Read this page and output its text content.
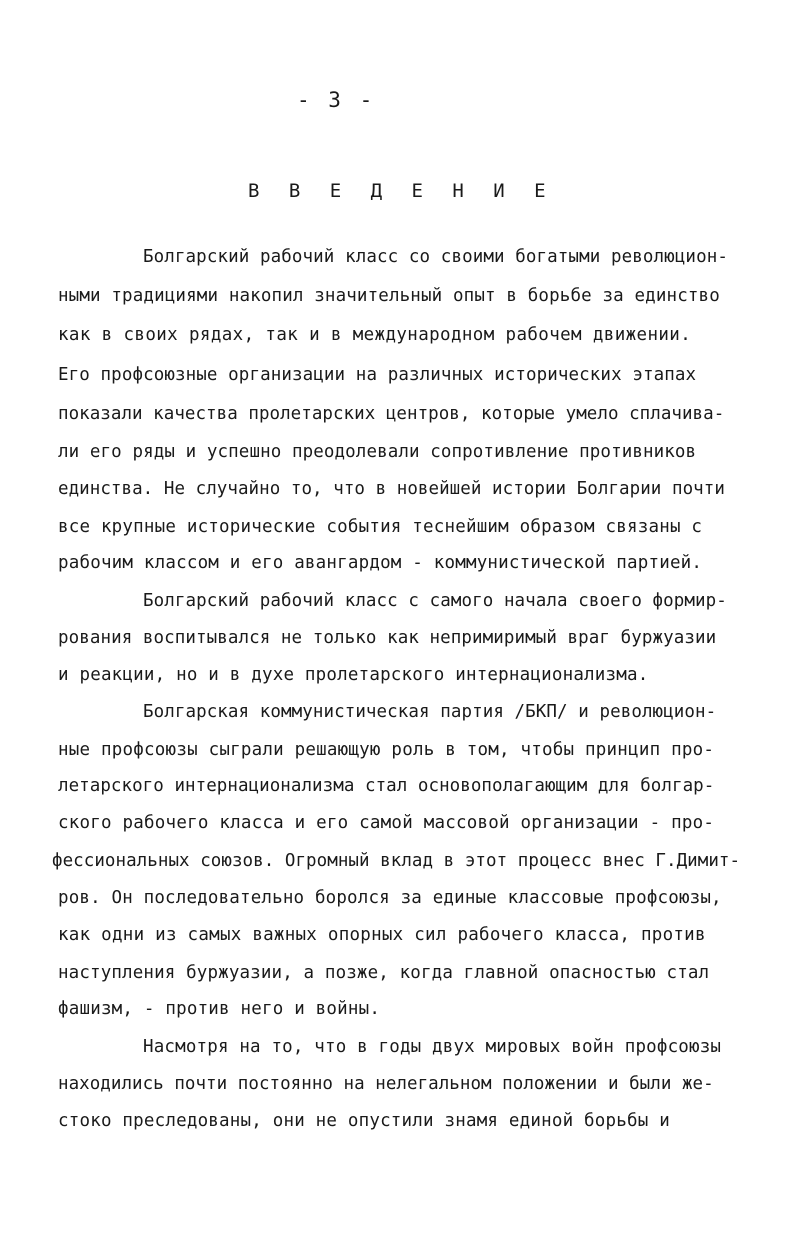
- 3 -
В В Е Д Е Н И Е
Болгарский рабочий класс со своими богатыми революцион-
ными традициями накопил значительный опыт в борьбе за единство
как в своих рядах, так и в международном рабочем движении.
Его профсоюзные организации на различных исторических этапах
показали качества пролетарских центров, которые умело сплачива-
ли его ряды и успешно преодолевали сопротивление противников
единства. Не случайно то, что в новейшей истории Болгарии почти
все крупные исторические события теснейшим образом связаны с
рабочим классом и его авангардом - коммунистической партией.
Болгарский рабочий класс с самого начала своего формир-
рования воспитывался не только как непримиримый враг буржуазии
и реакции, но и в духе пролетарского интернационализма.
Болгарская коммунистическая партия /БКП/ и революцион-
ные профсоюзы сыграли решающую роль в том, чтобы принцип про-
летарского интернационализма стал основополагающим для болгар-
ского рабочего класса и его самой массовой организации - про-
фессиональных союзов. Огромный вклад в этот процесс внес Г.Димит-
ров. Он последовательно боролся за единые классовые профсоюзы,
как одни из самых важных опорных сил рабочего класса, против
наступления буржуазии, а позже, когда главной опасностью стал
фашизм, - против него и войны.
Насмотря на то, что в годы двух мировых войн профсоюзы
находились почти постоянно на нелегальном положении и были же-
стоко преследованы, они не опустили знамя единой борьбы и
